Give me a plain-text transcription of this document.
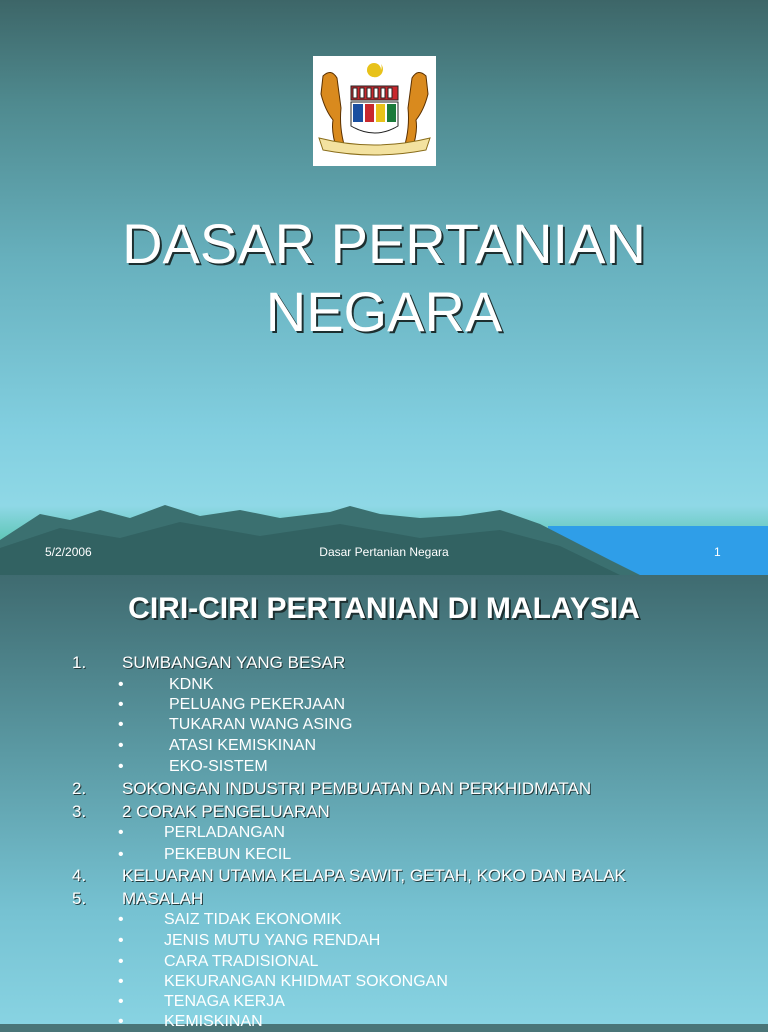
DASAR PERTANIAN
NEGARA
5/2/2006	Dasar Pertanian Negara	1
CIRI-CIRI PERTANIAN DI MALAYSIA
1. SUMBANGAN YANG BESAR
•	KDNK
•	PELUANG PEKERJAAN
•	TUKARAN WANG ASING
•	ATASI KEMISKINAN
•	EKO-SISTEM
2. SOKONGAN INDUSTRI PEMBUATAN DAN PERKHIDMATAN
3. 2 CORAK PENGELUARAN
•	PERLADANGAN
•	PEKEBUN KECIL
4. KELUARAN UTAMA KELAPA SAWIT, GETAH, KOKO DAN BALAK
5. MASALAH
•	SAIZ TIDAK EKONOMIK
•	JENIS MUTU YANG RENDAH
•	CARA TRADISIONAL
•	KEKURANGAN KHIDMAT SOKONGAN
•	TENAGA KERJA
•	KEMISKINAN
